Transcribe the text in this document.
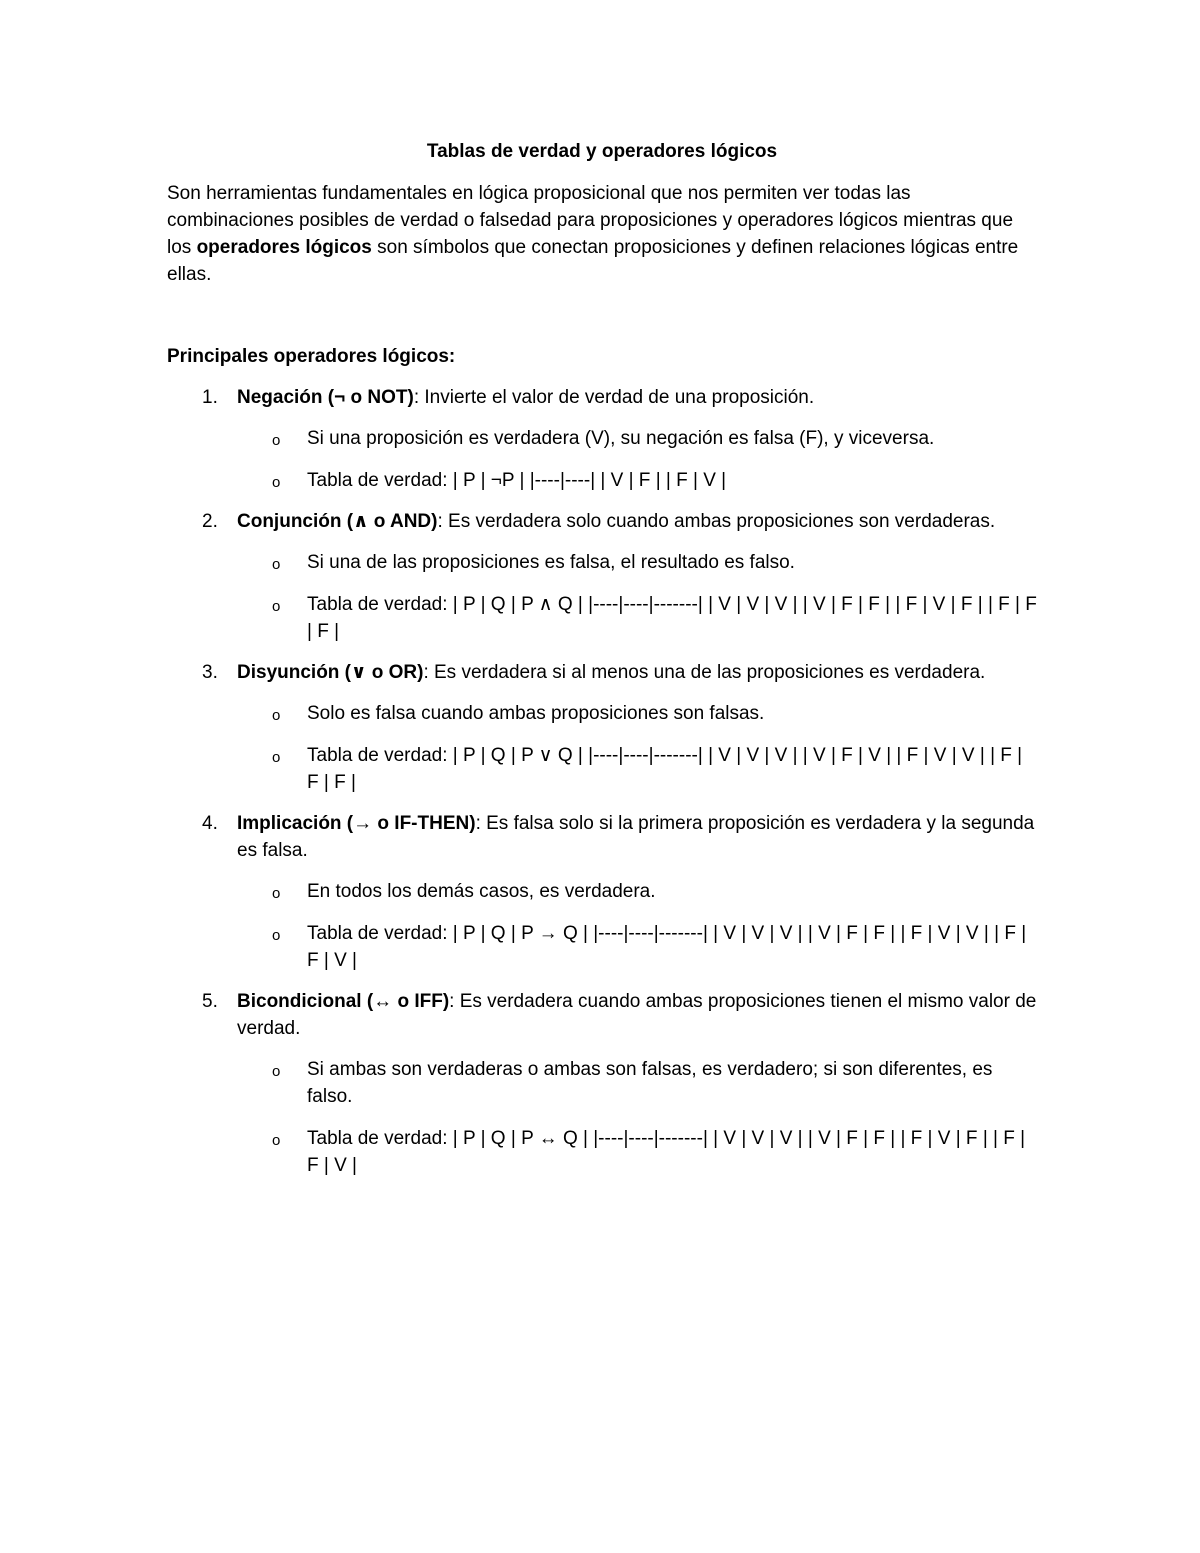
Tablas de verdad y operadores lógicos

Son herramientas fundamentales en lógica proposicional que nos permiten ver todas las combinaciones posibles de verdad o falsedad para proposiciones y operadores lógicos mientras que los operadores lógicos son símbolos que conectan proposiciones y definen relaciones lógicas entre ellas.

Principales operadores lógicos:
1.	Negación (¬ o NOT): Invierte el valor de verdad de una proposición.
o Si una proposición es verdadera (V), su negación es falsa (F), y viceversa.
o Tabla de verdad: | P | ¬P | |----|----| | V | F | | F | V |
2.	Conjunción (∧ o AND): Es verdadera solo cuando ambas proposiciones son verdaderas.
o Si una de las proposiciones es falsa, el resultado es falso.
o Tabla de verdad: | P | Q | P ∧ Q | |----|----|-------| | V | V | V | | V | F | F | | F | V | F | | F | F | F |
3.	Disyunción (∨ o OR): Es verdadera si al menos una de las proposiciones es verdadera.
o Solo es falsa cuando ambas proposiciones son falsas.
o Tabla de verdad: | P | Q | P ∨ Q | |----|----|-------| | V | V | V | | V | F | V | | F | V | V | | F | F | F |
4.	Implicación (→ o IF-THEN): Es falsa solo si la primera proposición es verdadera y la segunda es falsa.
o En todos los demás casos, es verdadera.
o Tabla de verdad: | P | Q | P → Q | |----|----|-------| | V | V | V | | V | F | F | | F | V | V | | F | F | V |
5.	Bicondicional (↔ o IFF): Es verdadera cuando ambas proposiciones tienen el mismo valor de verdad.
o Si ambas son verdaderas o ambas son falsas, es verdadero; si son diferentes, es falso.
o Tabla de verdad: | P | Q | P ↔ Q | |----|----|-------| | V | V | V | | V | F | F | | F | V | F | | F | F | V |
